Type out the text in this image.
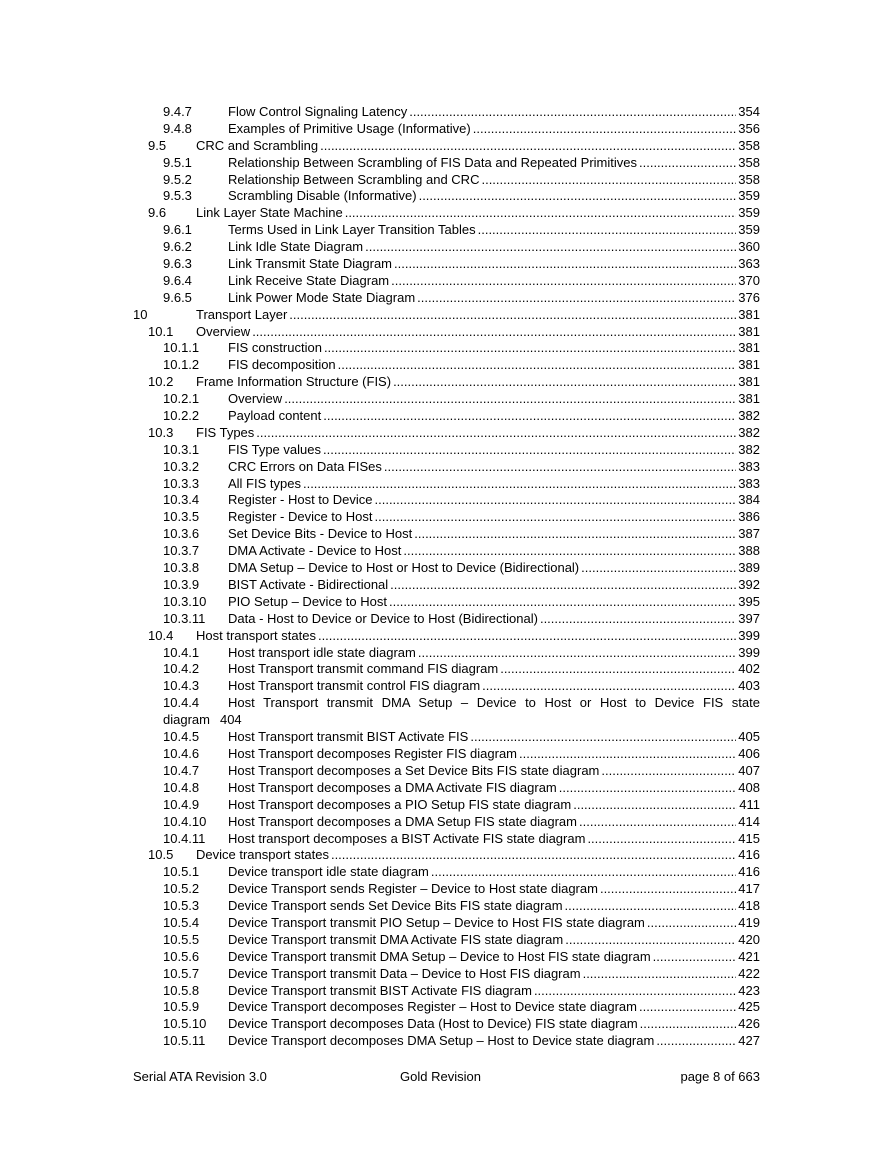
9.4.7	Flow Control Signaling Latency .....	354
9.4.8	Examples of Primitive Usage (Informative) .....	356
9.5 CRC and Scrambling .....	358
9.5.1	Relationship Between Scrambling of FIS Data and Repeated Primitives .....	358
9.5.2	Relationship Between Scrambling and CRC .....	358
9.5.3	Scrambling Disable (Informative) .....	359
9.6 Link Layer State Machine .....	359
9.6.1	Terms Used in Link Layer Transition Tables .....	359
9.6.2	Link Idle State Diagram .....	360
9.6.3	Link Transmit State Diagram .....	363
9.6.4	Link Receive State Diagram .....	370
9.6.5	Link Power Mode State Diagram .....	376
10	Transport Layer .....	381
10.1 Overview .....	381
10.1.1 FIS construction .....	381
10.1.2 FIS decomposition .....	381
10.2 Frame Information Structure (FIS) .....	381
10.2.1 Overview .....	381
10.2.2 Payload content .....	382
10.3 FIS Types .....	382
10.3.1 FIS Type values .....	382
10.3.2 CRC Errors on Data FISes .....	383
10.3.3 All FIS types .....	383
10.3.4 Register - Host to Device .....	384
10.3.5 Register - Device to Host .....	386
10.3.6 Set Device Bits - Device to Host .....	387
10.3.7 DMA Activate - Device to Host .....	388
10.3.8 DMA Setup – Device to Host or Host to Device (Bidirectional) .....	389
10.3.9 BIST Activate - Bidirectional .....	392
10.3.10 PIO Setup – Device to Host .....	395
10.3.11 Data - Host to Device or Device to Host (Bidirectional) .....	397
10.4 Host transport states .....	399
10.4.1 Host transport idle state diagram .....	399
10.4.2 Host Transport transmit command FIS diagram .....	402
10.4.3 Host Transport transmit control FIS diagram .....	403
10.4.4 Host Transport transmit DMA Setup – Device to Host or Host to Device FIS state
diagram 404
10.4.5 Host Transport transmit BIST Activate FIS .....	405
10.4.6 Host Transport decomposes Register FIS diagram .....	406
10.4.7 Host Transport decomposes a Set Device Bits FIS state diagram .....	407
10.4.8 Host Transport decomposes a DMA Activate FIS diagram .....	408
10.4.9 Host Transport decomposes a PIO Setup FIS state diagram .....	411
10.4.10 Host Transport decomposes a DMA Setup FIS state diagram .....	414
10.4.11 Host transport decomposes a BIST Activate FIS state diagram .....	415
10.5 Device transport states .....	416
10.5.1 Device transport idle state diagram .....	416
10.5.2 Device Transport sends Register – Device to Host state diagram .....	417
10.5.3 Device Transport sends Set Device Bits FIS state diagram .....	418
10.5.4 Device Transport transmit PIO Setup – Device to Host FIS state diagram .....	419
10.5.5 Device Transport transmit DMA Activate FIS state diagram .....	420
10.5.6 Device Transport transmit DMA Setup – Device to Host FIS state diagram .....	421
10.5.7 Device Transport transmit Data – Device to Host FIS diagram .....	422
10.5.8 Device Transport transmit BIST Activate FIS diagram .....	423
10.5.9 Device Transport decomposes Register – Host to Device state diagram .....	425
10.5.10 Device Transport decomposes Data (Host to Device) FIS state diagram .....	426
10.5.11 Device Transport decomposes DMA Setup – Host to Device state diagram .....	427
Serial ATA Revision 3.0	Gold Revision	page 8 of 663
